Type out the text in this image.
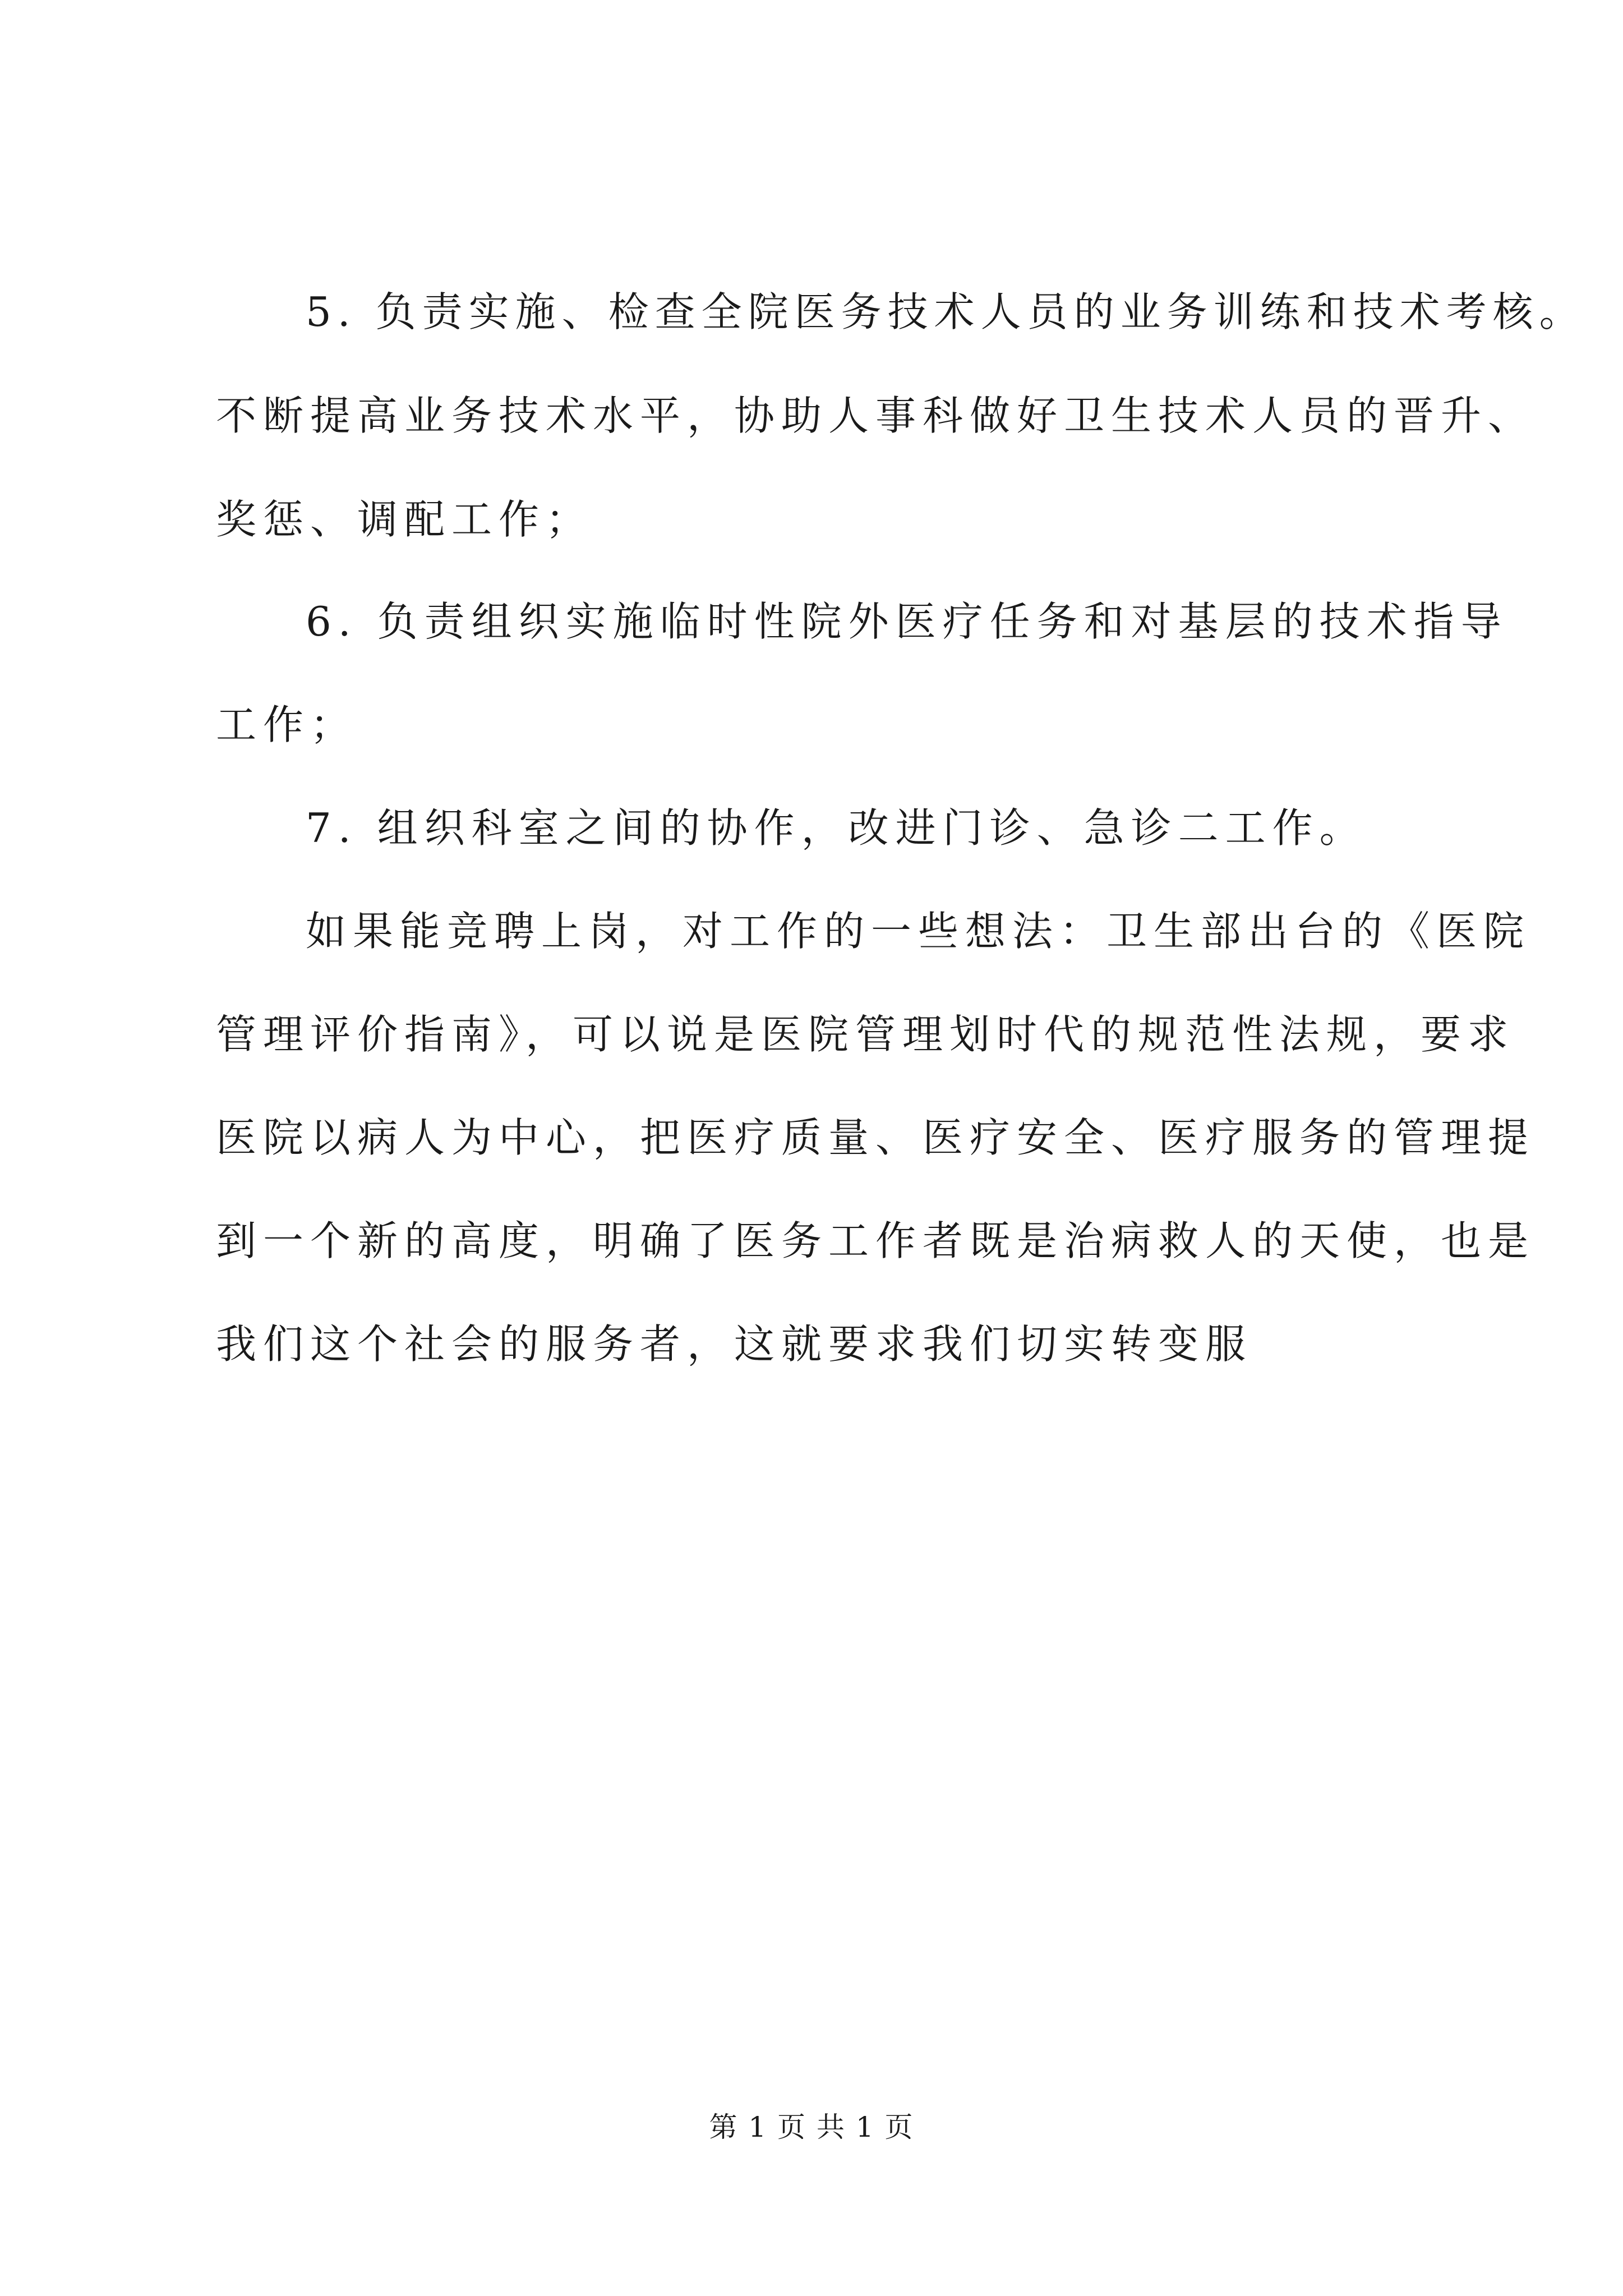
5. 负责实施、检查全院医务技术人员的业务训练和技术考核。
不断提高业务技术水平，协助人事科做好卫生技术人员的晋升、
奖惩、调配工作；
6. 负责组织实施临时性院外医疗任务和对基层的技术指导
工作；
7. 组织科室之间的协作，改进门诊、急诊二工作。
如果能竞聘上岗，对工作的一些想法：卫生部出台的《医院
管理评价指南》，可以说是医院管理划时代的规范性法规，要求
医院以病人为中心，把医疗质量、医疗安全、医疗服务的管理提
到一个新的高度，明确了医务工作者既是治病救人的天使，也是
我们这个社会的服务者，这就要求我们切实转变服
第 1 页 共 1 页
